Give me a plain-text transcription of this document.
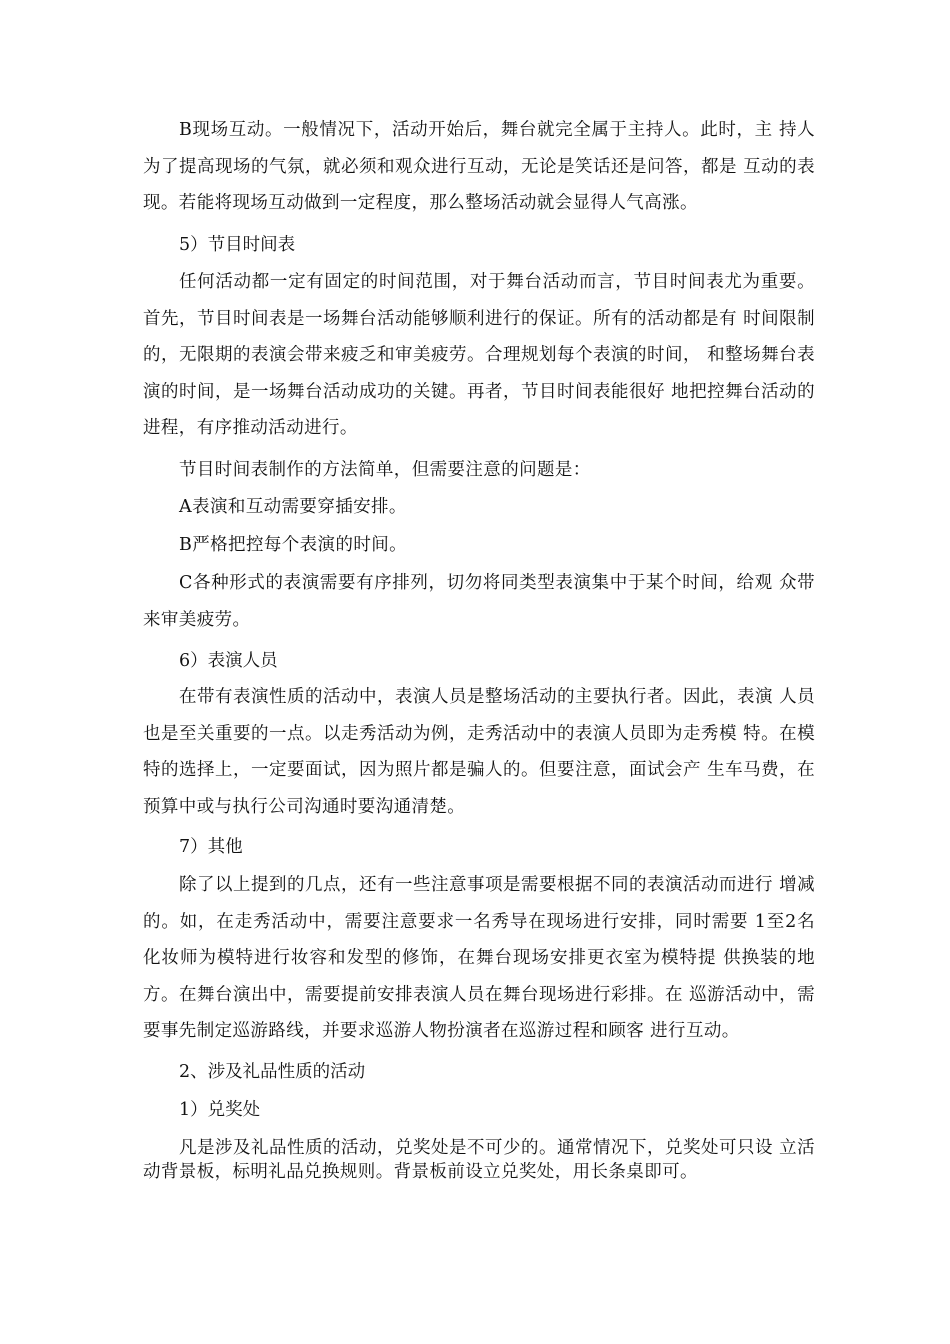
B现场互动。一般情况下，活动开始后，舞台就完全属于主持人。此时，主 持人为了提高现场的气氛，就必须和观众进行互动，无论是笑话还是问答，都是 互动的表现。若能将现场互动做到一定程度，那么整场活动就会显得人气高涨。

5）节目时间表

任何活动都一定有固定的时间范围，对于舞台活动而言，节目时间表尤为重要。首先，节目时间表是一场舞台活动能够顺利进行的保证。所有的活动都是有 时间限制的，无限期的表演会带来疲乏和审美疲劳。合理规划每个表演的时间， 和整场舞台表演的时间，是一场舞台活动成功的关键。再者，节目时间表能很好 地把控舞台活动的进程，有序推动活动进行。

节目时间表制作的方法简单，但需要注意的问题是：

A表演和互动需要穿插安排。

B严格把控每个表演的时间。

C各种形式的表演需要有序排列，切勿将同类型表演集中于某个时间，给观 众带来审美疲劳。

6）表演人员

在带有表演性质的活动中，表演人员是整场活动的主要执行者。因此，表演 人员也是至关重要的一点。以走秀活动为例，走秀活动中的表演人员即为走秀模 特。在模特的选择上，一定要面试，因为照片都是骗人的。但要注意，面试会产 生车马费，在预算中或与执行公司沟通时要沟通清楚。

7）其他

除了以上提到的几点，还有一些注意事项是需要根据不同的表演活动而进行 增减的。如，在走秀活动中，需要注意要求一名秀导在现场进行安排，同时需要 1至2名化妆师为模特进行妆容和发型的修饰，在舞台现场安排更衣室为模特提 供换装的地方。在舞台演出中，需要提前安排表演人员在舞台现场进行彩排。在 巡游活动中，需要事先制定巡游路线，并要求巡游人物扮演者在巡游过程和顾客 进行互动。

2、涉及礼品性质的活动

1）兑奖处

凡是涉及礼品性质的活动，兑奖处是不可少的。通常情况下，兑奖处可只设 立活动背景板，标明礼品兑换规则。背景板前设立兑奖处，用长条桌即可。
